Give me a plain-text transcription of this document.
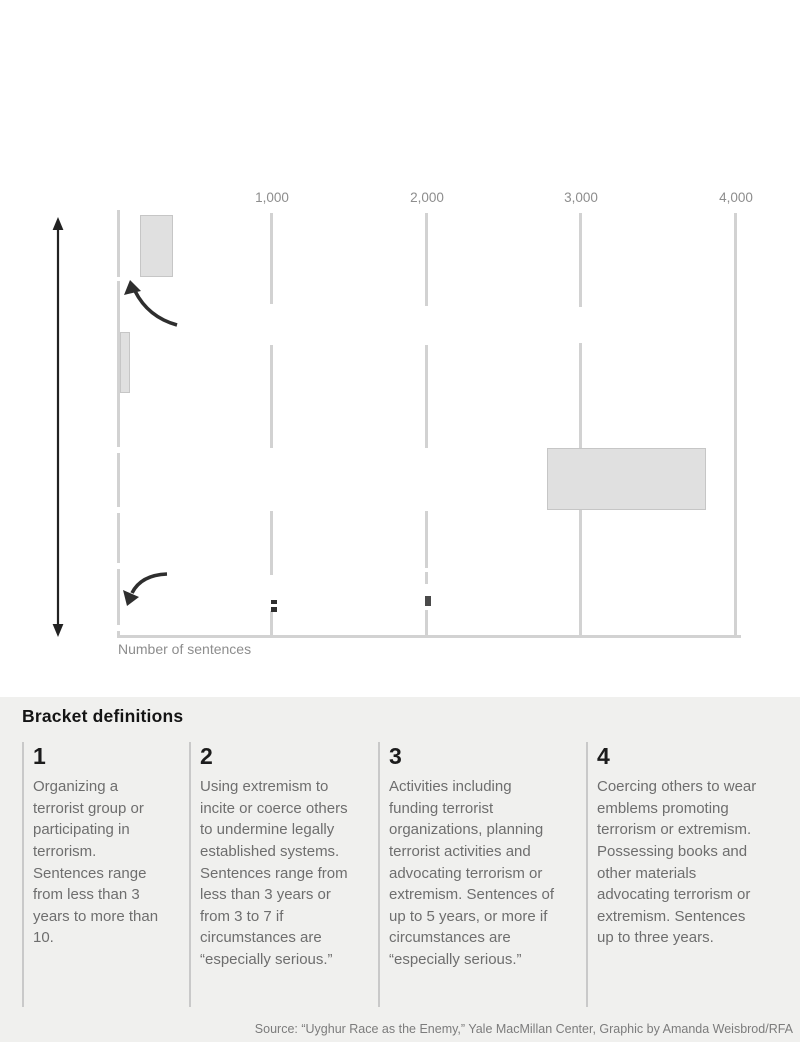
1,000	2,000	3,000	4,000
Number of sentences
Bracket definitions
1

Organizing a terrorist group or participating in terrorism. Sentences range from less than 3 years to more than 10.

2

Using extremism to incite or coerce others to undermine legally established systems. Sentences range from less than 3 years or from 3 to 7 if circumstances are “especially serious.”

3

Activities including funding terrorist organizations, planning terrorist activities and advocating terrorism or extremism. Sentences of up to 5 years, or more if circumstances are “especially serious.”

4

Coercing others to wear emblems promoting terrorism or extremism. Possessing books and other materials advocating terrorism or extremism. Sentences up to three years.

Source: “Uyghur Race as the Enemy,” Yale MacMillan Center, Graphic by Amanda Weisbrod/RFA
